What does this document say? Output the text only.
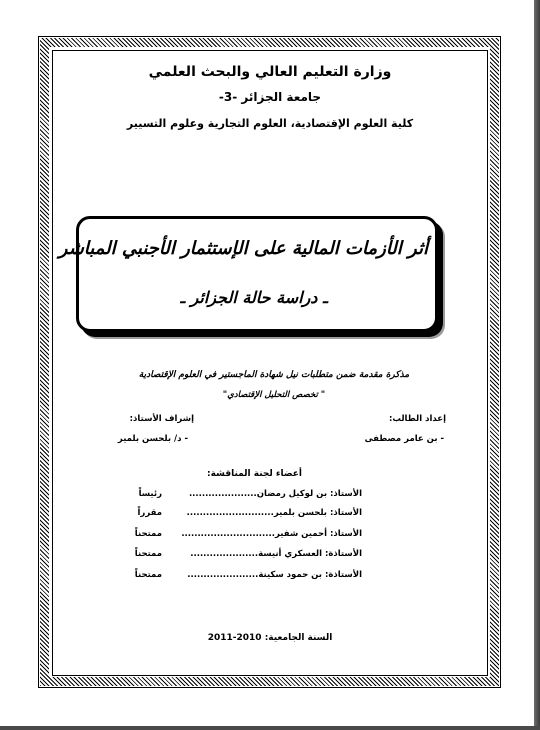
وزارة التعليم العالي والبحث العلمي
جامعة الجزائر -3-
كلية العلوم الإقتصادية، العلوم التجارية وعلوم التسيير
أثر الأزمات المالية على الإستثمار الأجنبي المباشر
ـ دراسة حالة الجزائر ـ
مذكرة مقدمة ضمن متطلبات نيل شهادة الماجستير في العلوم الإقتصادية
" تخصص التحليل الإقتصادي"
إعداد الطالب:
إشراف الأستاذ:
- بن عامر مصطفى
- د/ بلحسن بلمير
أعضاء لجنة المناقشة:
الأستاذ: بن لوكيل رمضان.....................
رئيساً
الأستاذ: بلحسن بلمير...........................
مقرراً
الأستاذ: أحمين شفير.............................
ممتحناً
الأستاذة: العسكري أنيسة.....................
ممتحناً
الأستاذة: بن حمود سكينة......................
ممتحناً
السنة الجامعية: 2010-2011
